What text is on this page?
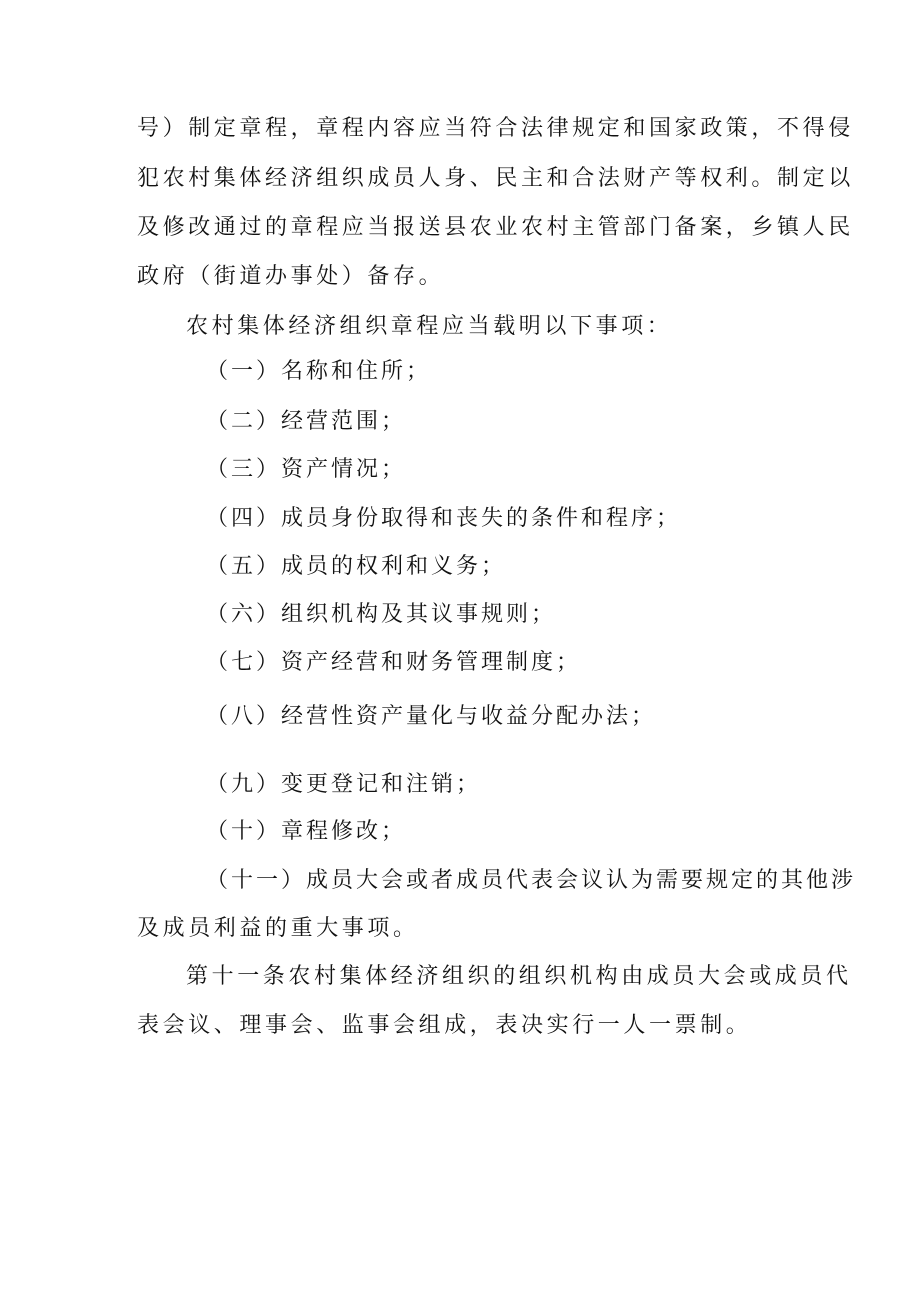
号）制定章程，章程内容应当符合法律规定和国家政策，不得侵
犯农村集体经济组织成员人身、民主和合法财产等权利。制定以
及修改通过的章程应当报送县农业农村主管部门备案，乡镇人民
政府（街道办事处）备存。
农村集体经济组织章程应当载明以下事项：
（一）名称和住所；
（二）经营范围；
（三）资产情况；
（四）成员身份取得和丧失的条件和程序；
（五）成员的权利和义务；
（六）组织机构及其议事规则；
（七）资产经营和财务管理制度；
（八）经营性资产量化与收益分配办法；
（九）变更登记和注销；
（十）章程修改；
（十一）成员大会或者成员代表会议认为需要规定的其他涉
及成员利益的重大事项。
第十一条农村集体经济组织的组织机构由成员大会或成员代
表会议、理事会、监事会组成，表决实行一人一票制。
